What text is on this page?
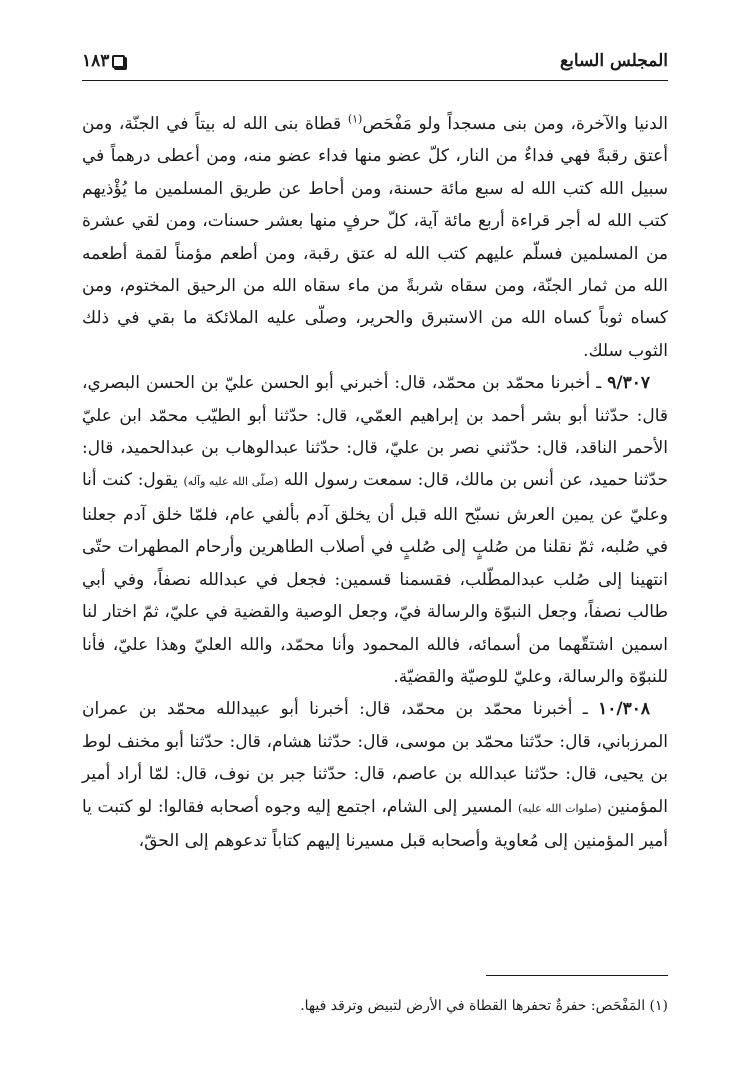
المجلس السابع
١٨٣

الدنيا والآخرة، ومن بنى مسجداً ولو مَفْحَص$^{(١)}$ قطاة بنى الله له بيتاً في الجنّة، ومن أعتق رقبةً فهي فداءٌ من النار، كلّ عضو منها فداء عضو منه، ومن أعطى درهماً في سبيل الله كتب الله له سبع مائة حسنة، ومن أحاط عن طريق المسلمين ما يُؤْذيهم كتب الله له أجر قراءة أربع مائة آية، كلّ حرفٍ منها بعشر حسنات، ومن لقي عشرة من المسلمين فسلّم عليهم كتب الله له عتق رقبة، ومن أطعم مؤمناً لقمة أطعمه الله من ثمار الجنّة، ومن سقاه شربةً من ماء سقاه الله من الرحيق المختوم، ومن كساه ثوباً كساه الله من الاستبرق والحرير، وصلّى عليه الملائكة ما بقي في ذلك الثوب سلك.

٩/٣٠٧ ـ أخبرنا محمّد بن محمّد، قال: أخبرني أبو الحسن عليّ بن الحسن البصري، قال: حدّثنا أبو بشر أحمد بن إبراهيم العمّي، قال: حدّثنا أبو الطيّب محمّد ابن عليّ الأحمر الناقد، قال: حدّثني نصر بن عليّ، قال: حدّثنا عبدالوهاب بن عبدالحميد، قال: حدّثنا حميد، عن أنس بن مالك، قال: سمعت رسول الله (صلّى الله عليه وآله) يقول: كنت أنا وعليّ عن يمين العرش نسبّح الله قبل أن يخلق آدم بألفي عام، فلمّا خلق آدم جعلنا في صُلبه، ثمّ نقلنا من صُلبٍ إلى صُلبٍ في أصلاب الطاهرين وأرحام المطهرات حتّى انتهينا إلى صُلب عبدالمطّلب، فقسمنا قسمين: فجعل في عبدالله نصفاً، وفي أبي طالب نصفاً، وجعل النبوّة والرسالة فيّ، وجعل الوصية والقضية في عليّ، ثمّ اختار لنا اسمين اشتقّهما من أسمائه، فالله المحمود وأنا محمّد، والله العليّ وهذا عليّ، فأنا للنبوّة والرسالة، وعليّ للوصيّة والقضيّة.

١٠/٣٠٨ ـ أخبرنا محمّد بن محمّد، قال: أخبرنا أبو عبيدالله محمّد بن عمران المرزباني، قال: حدّثنا محمّد بن موسى، قال: حدّثنا هشام، قال: حدّثنا أبو مخنف لوط بن يحيى، قال: حدّثنا عبدالله بن عاصم، قال: حدّثنا جبر بن نوف، قال: لمّا أراد أمير المؤمنين (صلوات الله عليه) المسير إلى الشام، اجتمع إليه وجوه أصحابه فقالوا: لو كتبت يا أمير المؤمنين إلى مُعاوية وأصحابه قبل مسيرنا إليهم كتاباً تدعوهم إلى الحقّ،

(١) المَفْحَص: حفرةٌ تحفرها القطاة في الأرض لتبيض وترقد فيها.
